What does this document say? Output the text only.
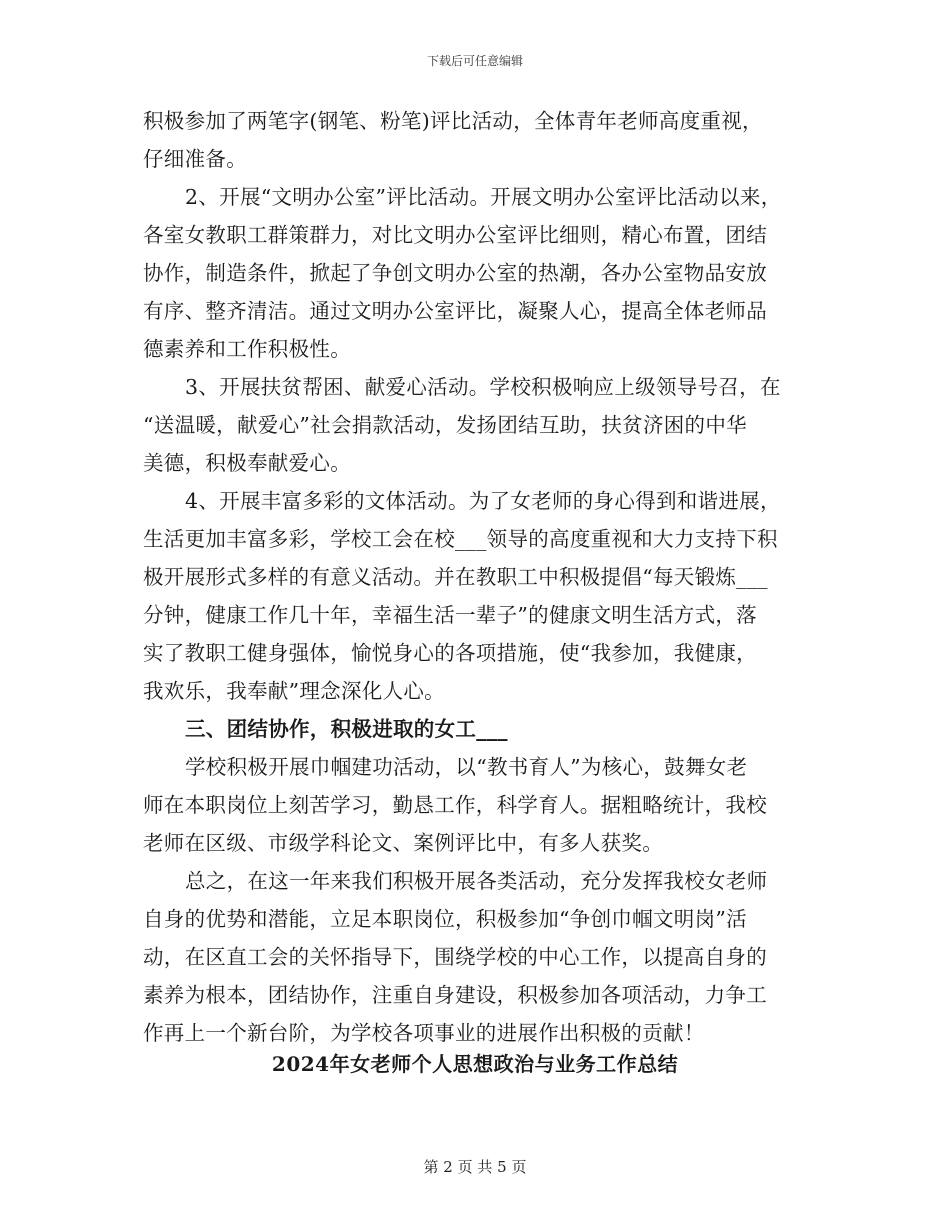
下载后可任意编辑
积极参加了两笔字(钢笔、粉笔)评比活动，全体青年老师高度重视，
仔细准备。
2、开展“文明办公室”评比活动。开展文明办公室评比活动以来，
各室女教职工群策群力，对比文明办公室评比细则，精心布置，团结
协作，制造条件，掀起了争创文明办公室的热潮，各办公室物品安放
有序、整齐清洁。通过文明办公室评比，凝聚人心，提高全体老师品
德素养和工作积极性。
3、开展扶贫帮困、献爱心活动。学校积极响应上级领导号召，在
“送温暖，献爱心”社会捐款活动，发扬团结互助，扶贫济困的中华
美德，积极奉献爱心。
4、开展丰富多彩的文体活动。为了女老师的身心得到和谐进展，
生活更加丰富多彩，学校工会在校___领导的高度重视和大力支持下积
极开展形式多样的有意义活动。并在教职工中积极提倡“每天锻炼___
分钟，健康工作几十年，幸福生活一辈子”的健康文明生活方式，落
实了教职工健身强体，愉悦身心的各项措施，使“我参加，我健康，
我欢乐，我奉献”理念深化人心。
三、团结协作，积极进取的女工___
学校积极开展巾帼建功活动，以“教书育人”为核心，鼓舞女老
师在本职岗位上刻苦学习，勤恳工作，科学育人。据粗略统计，我校
老师在区级、市级学科论文、案例评比中，有多人获奖。
总之，在这一年来我们积极开展各类活动，充分发挥我校女老师
自身的优势和潜能，立足本职岗位，积极参加“争创巾帼文明岗”活
动，在区直工会的关怀指导下，围绕学校的中心工作，以提高自身的
素养为根本，团结协作，注重自身建设，积极参加各项活动，力争工
作再上一个新台阶，为学校各项事业的进展作出积极的贡献！
2024年女老师个人思想政治与业务工作总结
第 2 页 共 5 页
